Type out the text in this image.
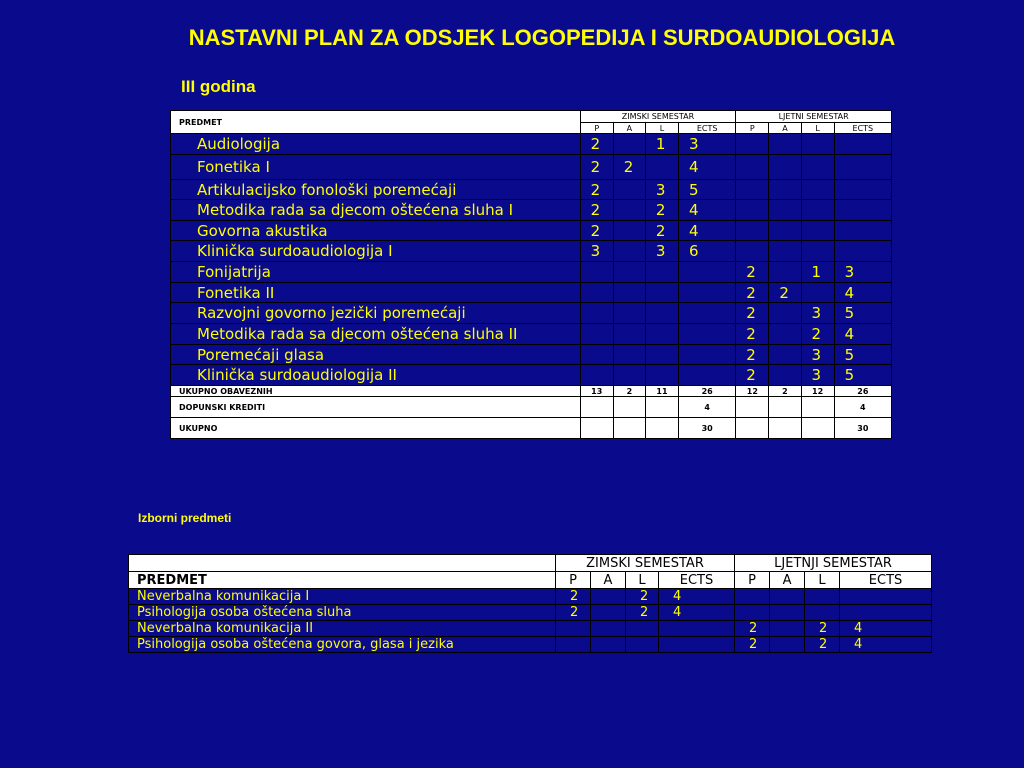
NASTAVNI PLAN ZA ODSJEK LOGOPEDIJA I SURDOAUDIOLOGIJA
III godina
PREDMET	ZIMSKI SEMESTAR				LJETNI SEMESTAR			
	P	A	L	ECTS	P	A	L	ECTS
Audiologija	2		1	3				
Fonetika I	2	2		4				
Artikulacijsko fonološki poremećaji	2		3	5				
Metodika rada sa djecom oštećena sluha I	2		2	4				
Govorna akustika	2		2	4				
Klinička surdoaudiologija I	3		3	6				
Fonijatrija					2		1	3
Fonetika II					2	2		4
Razvojni govorno jezički poremećaji					2		3	5
Metodika rada sa djecom oštećena sluha II					2		2	4
Poremećaji glasa					2		3	5
Klinička surdoaudiologija II					2		3	5
UKUPNO OBAVEZNIH	13	2	11	26	12	2	12	26
DOPUNSKI KREDITI				4				4
UKUPNO				30				30
Izborni predmeti
	ZIMSKI SEMESTAR				LJETNJI SEMESTAR			
PREDMET	P	A	L	ECTS	P	A	L	ECTS
Neverbalna komunikacija I	2		2	4				
Psihologija osoba oštećena sluha	2		2	4				
Neverbalna komunikacija II					2		2	4
Psihologija osoba oštećena govora, glasa i jezika					2		2	4
